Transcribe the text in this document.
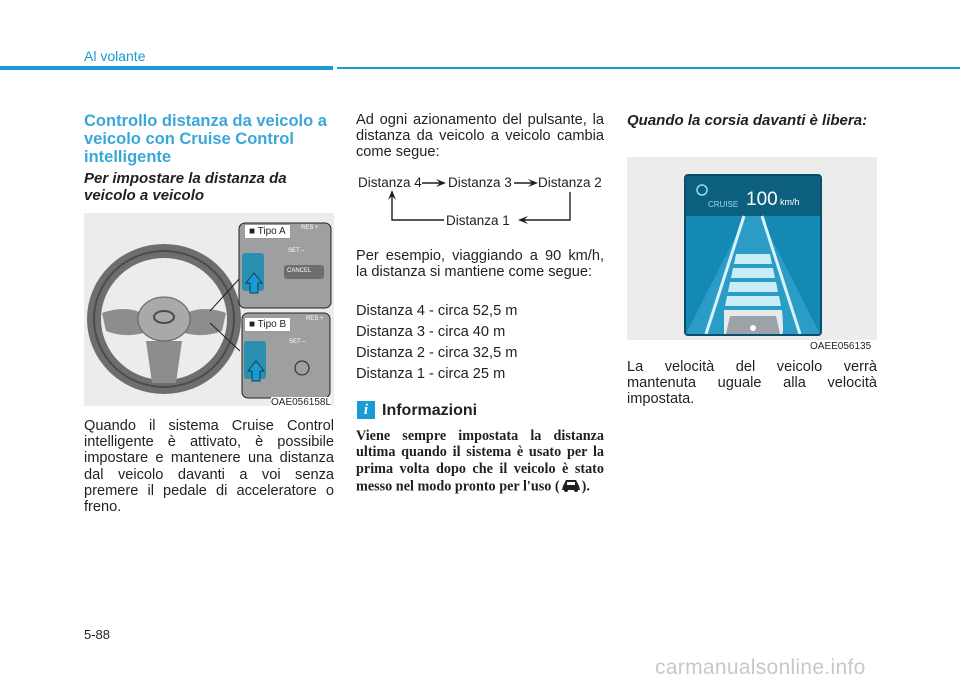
Al volante
Controllo distanza da veicolo a veicolo con Cruise Control intelligente
Per impostare la distanza da veicolo a veicolo
■ Tipo A
■ Tipo B
RES +
SET –
CANCEL
RES +
SET –
OAE056158L
Quando il sistema Cruise Control intelligente è attivato, è possibile impostare e mantenere una distanza dal veicolo davanti a voi senza premere il pedale di acceleratore o freno.
Ad ogni azionamento del pulsante, la distanza da veicolo a veicolo cambia come segue:
Distanza 4 Distanza 3 Distanza 2
Distanza 1
Per esempio, viaggiando a 90 km/h, la distanza si mantiene come segue:
Distanza 4 - circa 52,5 m
Distanza 3 - circa 40 m
Distanza 2 - circa 32,5 m
Distanza 1 - circa 25 m
i Informazioni
Viene sempre impostata la distanza ultima quando il sistema è usato per la prima volta dopo che il veicolo è stato messo nel modo pronto per l'uso ( ).
Quando la corsia davanti è libera:
CRUISE 100 km/h
OAEE056135
La velocità del veicolo verrà mantenuta uguale alla velocità impostata.
5-88
carmanualsonline.info
